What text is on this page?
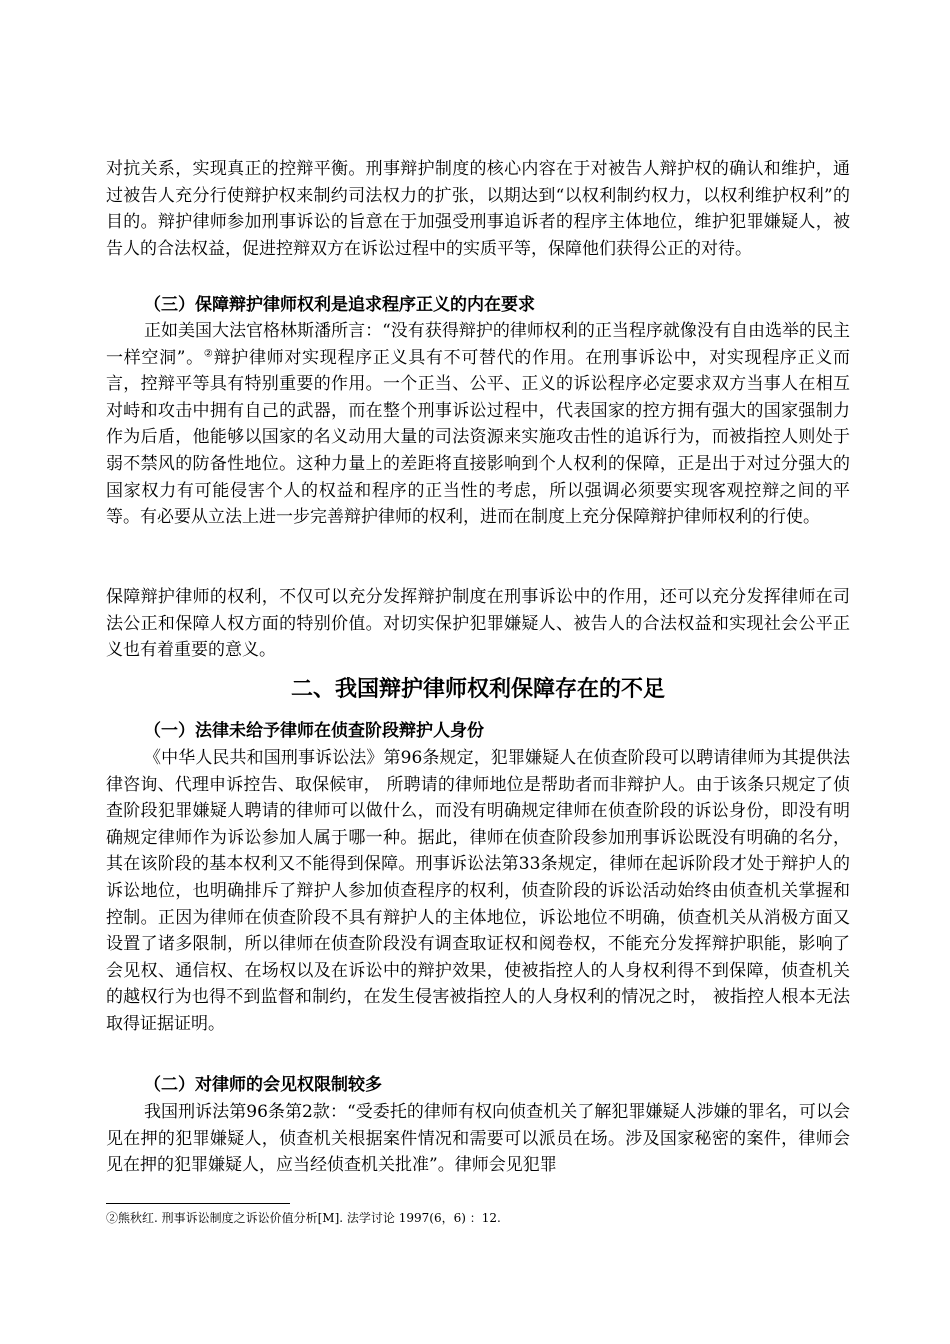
对抗关系，实现真正的控辩平衡。刑事辩护制度的核心内容在于对被告人辩护权的确认和维护，通过被告人充分行使辩护权来制约司法权力的扩张，以期达到“以权利制约权力，以权利维护权利”的目的。辩护律师参加刑事诉讼的旨意在于加强受刑事追诉者的程序主体地位，维护犯罪嫌疑人，被告人的合法权益，促进控辩双方在诉讼过程中的实质平等，保障他们获得公正的对待。

（三）保障辩护律师权利是追求程序正义的内在要求

正如美国大法官格林斯潘所言：“没有获得辩护的律师权利的正当程序就像没有自由选举的民主一样空洞”。②辩护律师对实现程序正义具有不可替代的作用。在刑事诉讼中，对实现程序正义而言，控辩平等具有特别重要的作用。一个正当、公平、正义的诉讼程序必定要求双方当事人在相互对峙和攻击中拥有自己的武器，而在整个刑事诉讼过程中，代表国家的控方拥有强大的国家强制力作为后盾，他能够以国家的名义动用大量的司法资源来实施攻击性的追诉行为，而被指控人则处于弱不禁风的防备性地位。这种力量上的差距将直接影响到个人权利的保障，正是出于对过分强大的国家权力有可能侵害个人的权益和程序的正当性的考虑，所以强调必须要实现客观控辩之间的平等。有必要从立法上进一步完善辩护律师的权利，进而在制度上充分保障辩护律师权利的行使。

保障辩护律师的权利，不仅可以充分发挥辩护制度在刑事诉讼中的作用，还可以充分发挥律师在司法公正和保障人权方面的特别价值。对切实保护犯罪嫌疑人、被告人的合法权益和实现社会公平正义也有着重要的意义。

二、我国辩护律师权利保障存在的不足
（一）法律未给予律师在侦查阶段辩护人身份

《中华人民共和国刑事诉讼法》第96条规定，犯罪嫌疑人在侦查阶段可以聘请律师为其提供法律咨询、代理申诉控告、取保候审， 所聘请的律师地位是帮助者而非辩护人。由于该条只规定了侦查阶段犯罪嫌疑人聘请的律师可以做什么，而没有明确规定律师在侦查阶段的诉讼身份，即没有明确规定律师作为诉讼参加人属于哪一种。据此，律师在侦查阶段参加刑事诉讼既没有明确的名分，其在该阶段的基本权利又不能得到保障。刑事诉讼法第33条规定，律师在起诉阶段才处于辩护人的诉讼地位，也明确排斥了辩护人参加侦查程序的权利，侦查阶段的诉讼活动始终由侦查机关掌握和控制。正因为律师在侦查阶段不具有辩护人的主体地位，诉讼地位不明确，侦查机关从消极方面又设置了诸多限制，所以律师在侦查阶段没有调查取证权和阅卷权，不能充分发挥辩护职能，影响了会见权、通信权、在场权以及在诉讼中的辩护效果，使被指控人的人身权利得不到保障，侦查机关的越权行为也得不到监督和制约，在发生侵害被指控人的人身权利的情况之时， 被指控人根本无法取得证据证明。

（二）对律师的会见权限制较多

我国刑诉法第96条第2款：“受委托的律师有权向侦查机关了解犯罪嫌疑人涉嫌的罪名，可以会见在押的犯罪嫌疑人，侦查机关根据案件情况和需要可以派员在场。涉及国家秘密的案件，律师会见在押的犯罪嫌疑人，应当经侦查机关批准”。律师会见犯罪

②熊秋红. 刑事诉讼制度之诉讼价值分析[M]. 法学讨论 1997(6，6) ：12.
